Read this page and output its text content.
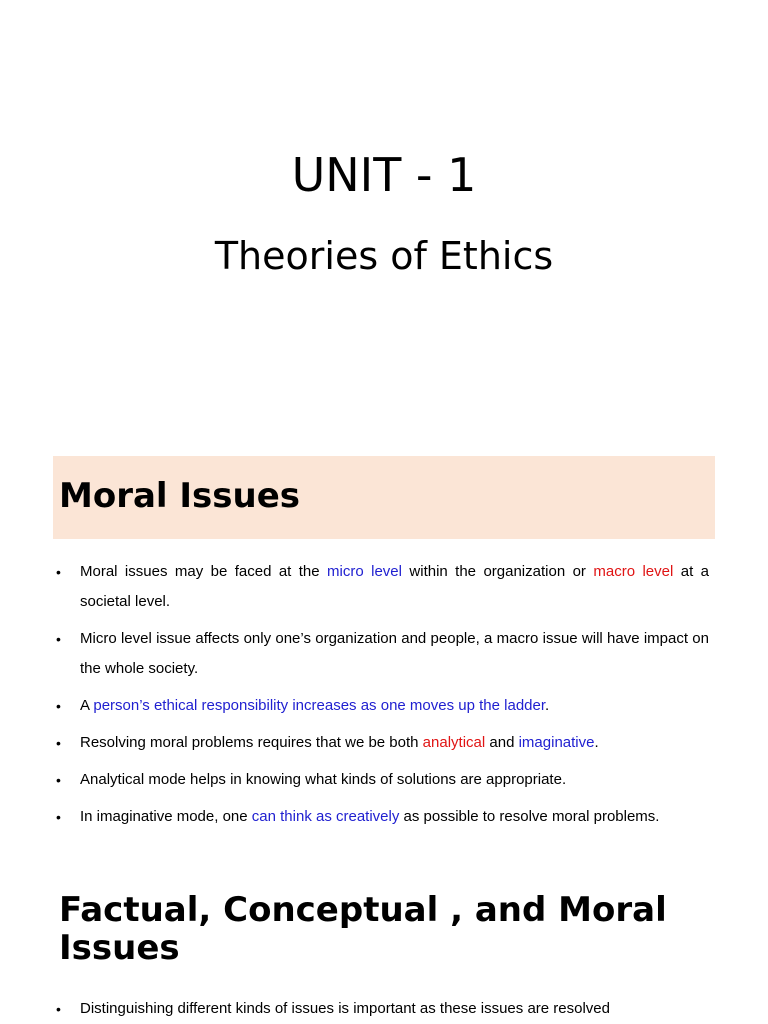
UNIT - 1
Theories of Ethics
Moral Issues
• Moral issues may be faced at the micro level within the organization or macro level at a societal level.
• Micro level issue affects only one’s organization and people, a macro issue will have impact on the whole society.
• A person’s ethical responsibility increases as one moves up the ladder.
• Resolving moral problems requires that we be both analytical and imaginative.
• Analytical mode helps in knowing what kinds of solutions are appropriate.
• In imaginative mode, one can think as creatively as possible to resolve moral problems.
Factual, Conceptual , and Moral
Issues
• Distinguishing different kinds of issues is important as these issues are resolved
